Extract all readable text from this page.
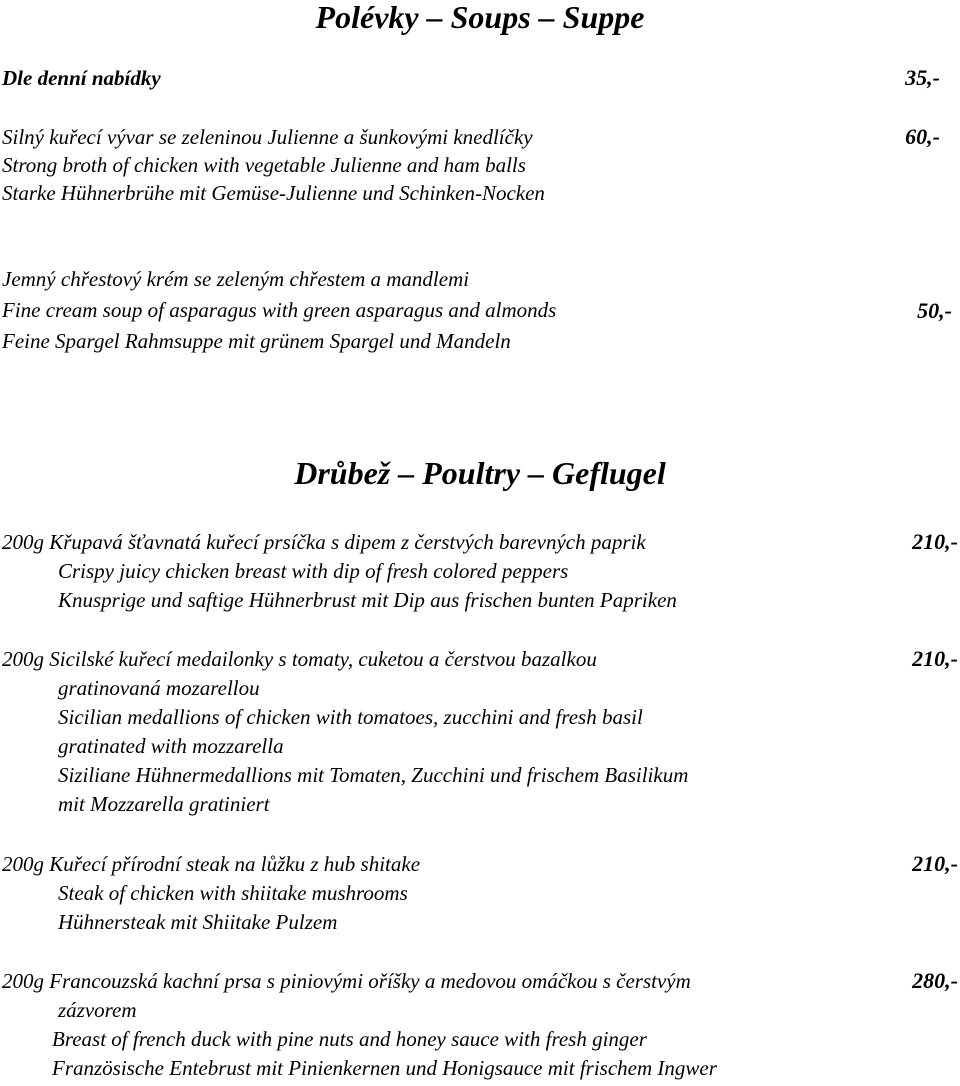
Polévky – Soups – Suppe
Dle denní nabídky	35,-
Silný kuřecí vývar se zeleninou Julienne a šunkovými knedlíčky
Strong broth of chicken with vegetable Julienne and ham balls
Starke Hühnerbrühe mit Gemüse-Julienne und Schinken-Nocken
60,-
Jemný chřestový krém se zeleným chřestem a mandlemi
Fine cream soup of asparagus with green asparagus and almonds
Feine Spargel Rahmsuppe mit grünem Spargel und Mandeln
50,-
Drůbež – Poultry – Geflugel
200g Křupavá šťavnatá kuřecí prsíčka s dipem z čerstvých barevných paprik
Crispy juicy chicken breast with dip of fresh colored peppers
Knusprige und saftige Hühnerbrust mit Dip aus frischen bunten Papriken
210,-
200g Sicilské kuřecí medailonky s tomaty, cuketou a čerstvou bazalkou
gratinovaná mozarellou
Sicilian medallions of chicken with tomatoes, zucchini and fresh basil
gratinated with mozzarella
Siziliane Hühnermedallions mit Tomaten, Zucchini und frischem Basilikum
mit Mozzarella gratiniert
210,-
200g Kuřecí přírodní steak na lůžku z hub shitake
Steak of chicken with shiitake mushrooms
Hühnersteak mit Shiitake Pulzem
210,-
200g Francouzská kachní prsa s piniovými oříšky a medovou omáčkou s čerstvým
zázvorem
Breast of french duck with pine nuts and honey sauce with fresh ginger
Französische Entebrust mit Pinienkernen und Honigsauce mit frischem Ingwer
280,-
